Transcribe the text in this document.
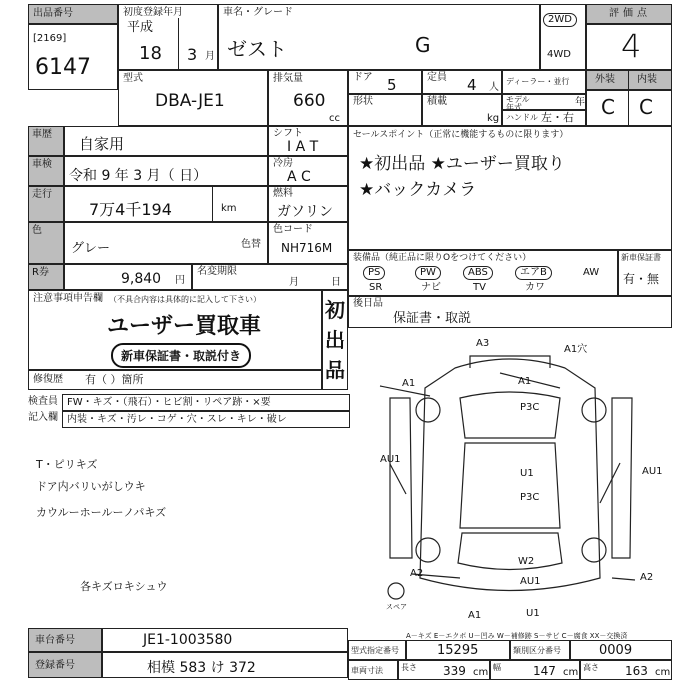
出品番号
[2169]
6147
初度登録年月
平成
18 3 月
車名・グレード
ゼスト	G
2WD
4WD
評価点
4
型式
DBA-JE1
排気量
660
cc
ドア 5	定員 4 人
ディーラー・並行
形状	積載
kg
モデル年式	年
ハンドル 左・右
外装 内装
C C
車歴
自家用
シフト
I A T
車検
令和 9 年 3 月（ 日）
冷房
A C
走行
7万4千194	km
燃料
ガソリン
色
グレー	色替
色コード
NH716M
R券	9,840 円
名変期限
月	日
セールスポイント（正常に機能するものに限ります）
★初出品 ★ユーザー買取り
★バックカメラ
装備品（純正品に限りOをつけてください）
PS	PW	ABS	エアB	AW
SR	ナビ	TV	カワ
新車保証書
有・無
後日品
保証書・取説
注意事項申告欄 （不具合内容は具体的に記入して下さい）
ユーザー買取車
新車保証書・取説付き
初出品
修復歴 有（ ）箇所
検査員
記入欄
FW・キズ・（飛石）・ヒビ割・リペア跡・×要
内装・キズ・汚レ・コゲ・穴・スレ・キレ・破レ
T・ピリキズ
ドア内バリいがしウキ
カウルーホールーノパキズ
各キズロキシュウ
A3
A1穴
A1	A1
P3C
AU1
AU1
U1
P3C
W2
AU1
A2	A2
A1	U1
スペア
A－キズ E－エクボ U－凹み W－補修跡 S－サビ C－腐食 XX－交換済
車台番号	JE1-1003580
登録番号	相模 583 け 372
型式指定番号	15295	類別区分番号	0009
車両寸法 長さ 339 cm 幅	147 cm 高さ 163 cm
